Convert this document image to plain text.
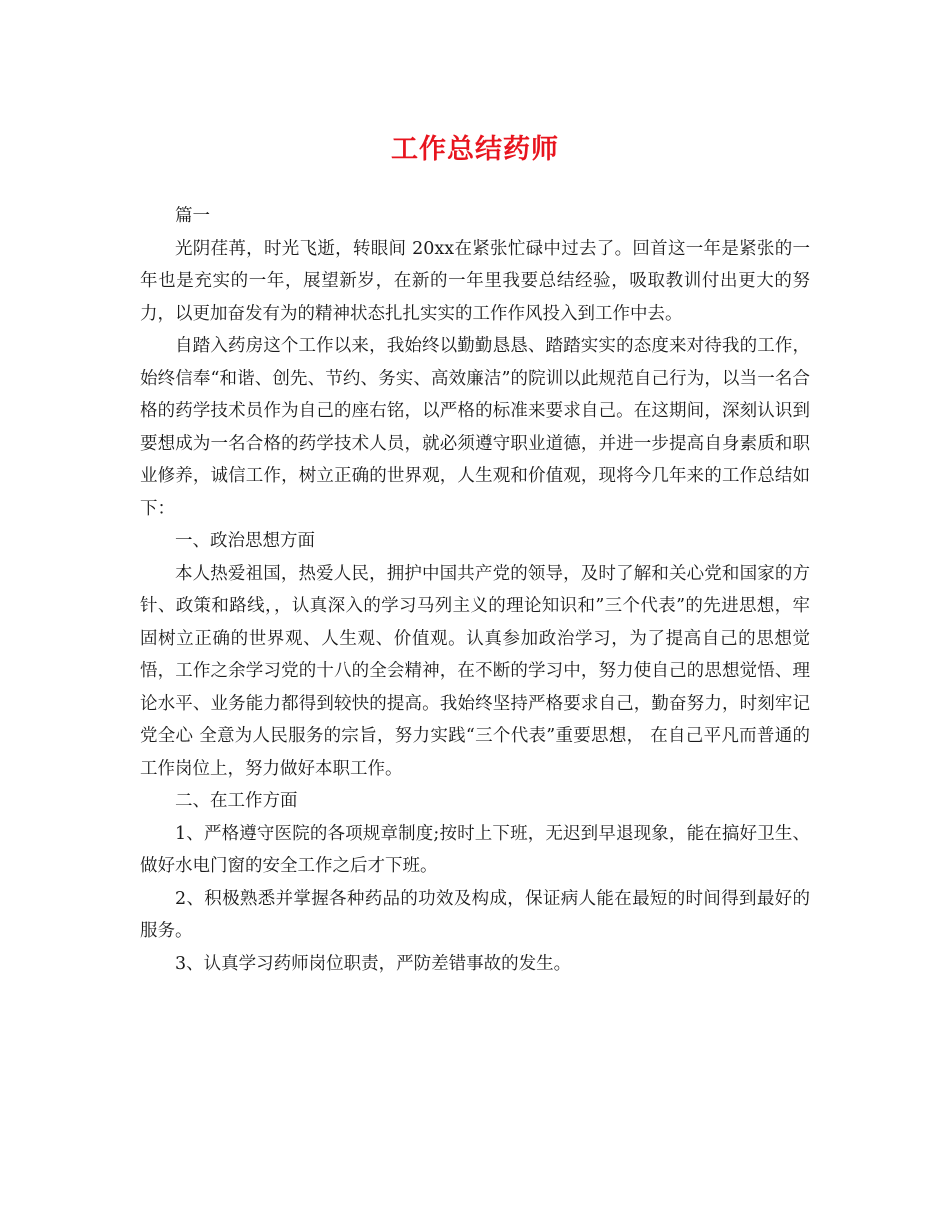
工作总结药师

篇一

光阴荏苒，时光飞逝，转眼间 20xx在紧张忙碌中过去了。回首这一年是紧张的一年也是充实的一年，展望新岁，在新的一年里我要总结经验，吸取教训付出更大的努力，以更加奋发有为的精神状态扎扎实实的工作作风投入到工作中去。

自踏入药房这个工作以来，我始终以勤勤恳恳、踏踏实实的态度来对待我的工作，始终信奉“和谐、创先、节约、务实、高效廉洁”的院训以此规范自己行为，以当一名合格的药学技术员作为自己的座右铭，以严格的标准来要求自己。在这期间，深刻认识到要想成为一名合格的药学技术人员，就必须遵守职业道德，并进一步提高自身素质和职业修养，诚信工作，树立正确的世界观，人生观和价值观，现将今几年来的工作总结如下：

一、政治思想方面

本人热爱祖国，热爱人民，拥护中国共产党的领导，及时了解和关心党和国家的方针、政策和路线，，认真深入的学习马列主义的理论知识和”三个代表”的先进思想，牢固树立正确的世界观、人生观、价值观。认真参加政治学习，为了提高自己的思想觉悟，工作之余学习党的十八的全会精神，在不断的学习中，努力使自己的思想觉悟、理论水平、业务能力都得到较快的提高。我始终坚持严格要求自己，勤奋努力，时刻牢记党全心 全意为人民服务的宗旨，努力实践“三个代表”重要思想， 在自己平凡而普通的工作岗位上，努力做好本职工作。

二、在工作方面

1、严格遵守医院的各项规章制度;按时上下班，无迟到早退现象，能在搞好卫生、做好水电门窗的安全工作之后才下班。

2、积极熟悉并掌握各种药品的功效及构成，保证病人能在最短的时间得到最好的服务。

3、认真学习药师岗位职责，严防差错事故的发生。
